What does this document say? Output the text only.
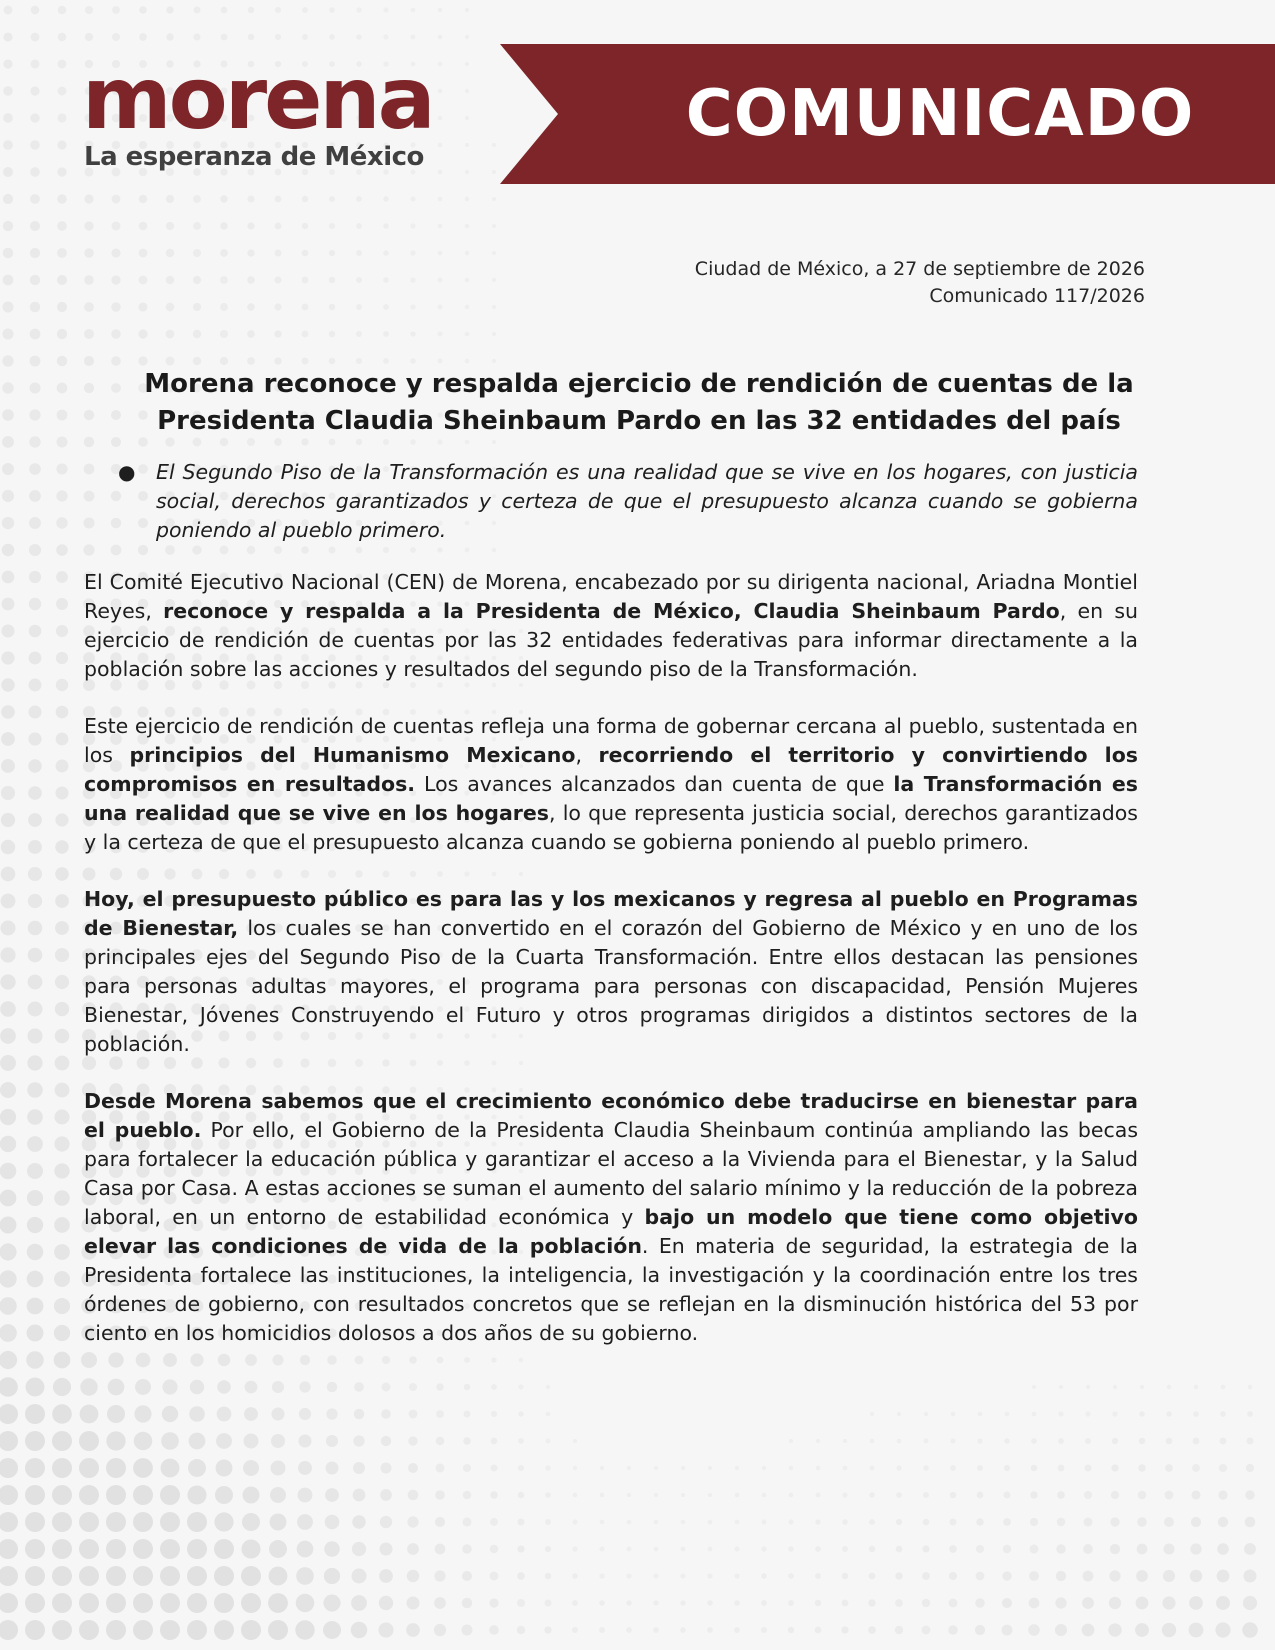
morena
La esperanza de México
COMUNICADO
Ciudad de México, a 27 de septiembre de 2026
Comunicado 117/2026
Morena reconoce y respalda ejercicio de rendición de cuentas de la
Presidenta Claudia Sheinbaum Pardo en las 32 entidades del país
● El Segundo Piso de la Transformación es una realidad que se vive en los hogares, con justicia social, derechos garantizados y certeza de que el presupuesto alcanza cuando se gobierna poniendo al pueblo primero.

El Comité Ejecutivo Nacional (CEN) de Morena, encabezado por su dirigenta nacional, Ariadna Montiel Reyes, reconoce y respalda a la Presidenta de México, Claudia Sheinbaum Pardo, en su ejercicio de rendición de cuentas por las 32 entidades federativas para informar directamente a la población sobre las acciones y resultados del segundo piso de la Transformación.

Este ejercicio de rendición de cuentas refleja una forma de gobernar cercana al pueblo, sustentada en los principios del Humanismo Mexicano, recorriendo el territorio y convirtiendo los compromisos en resultados. Los avances alcanzados dan cuenta de que la Transformación es una realidad que se vive en los hogares, lo que representa justicia social, derechos garantizados y la certeza de que el presupuesto alcanza cuando se gobierna poniendo al pueblo primero.

Hoy, el presupuesto público es para las y los mexicanos y regresa al pueblo en Programas de Bienestar, los cuales se han convertido en el corazón del Gobierno de México y en uno de los principales ejes del Segundo Piso de la Cuarta Transformación. Entre ellos destacan las pensiones para personas adultas mayores, el programa para personas con discapacidad, Pensión Mujeres Bienestar, Jóvenes Construyendo el Futuro y otros programas dirigidos a distintos sectores de la población.

Desde Morena sabemos que el crecimiento económico debe traducirse en bienestar para el pueblo. Por ello, el Gobierno de la Presidenta Claudia Sheinbaum continúa ampliando las becas para fortalecer la educación pública y garantizar el acceso a la Vivienda para el Bienestar, y la Salud Casa por Casa. A estas acciones se suman el aumento del salario mínimo y la reducción de la pobreza laboral, en un entorno de estabilidad económica y bajo un modelo que tiene como objetivo elevar las condiciones de vida de la población. En materia de seguridad, la estrategia de la Presidenta fortalece las instituciones, la inteligencia, la investigación y la coordinación entre los tres órdenes de gobierno, con resultados concretos que se reflejan en la disminución histórica del 53 por ciento en los homicidios dolosos a dos años de su gobierno.
